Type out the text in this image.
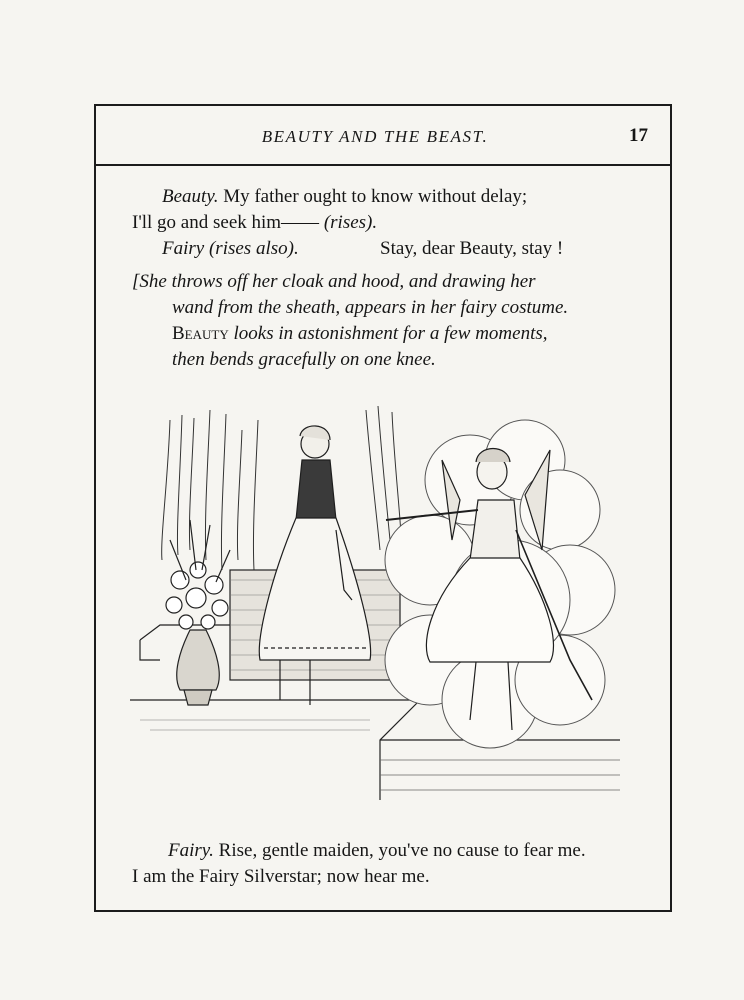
BEAUTY AND THE BEAST.	17
Beauty. My father ought to know without delay;
I'll go and seek him—— (rises).
Fairy (rises also).	Stay, dear Beauty, stay !
[She throws off her cloak and hood, and drawing her
wand from the sheath, appears in her fairy costume.
Beauty looks in astonishment for a few moments,
then bends gracefully on one knee.
Fairy. Rise, gentle maiden, you've no cause to fear me.
I am the Fairy Silverstar; now hear me.
